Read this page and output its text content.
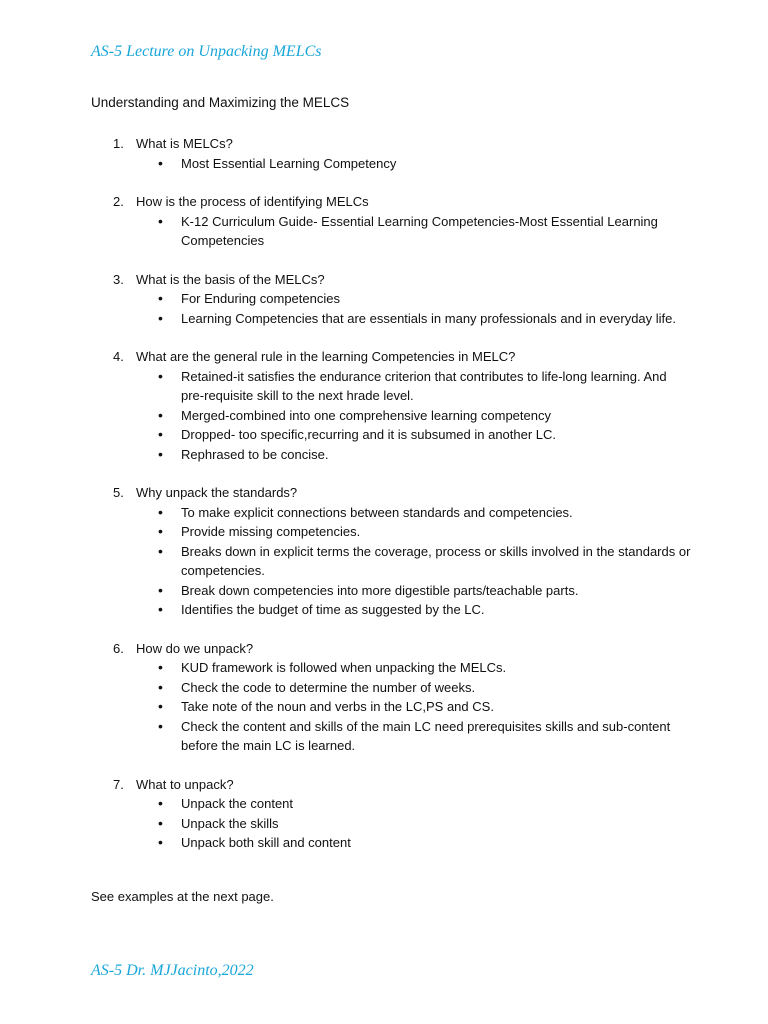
AS-5 Lecture on Unpacking MELCs
Understanding and Maximizing the MELCS
1. What is MELCs?
• Most Essential Learning Competency
2. How is the process of identifying MELCs
• K-12 Curriculum Guide- Essential Learning Competencies-Most Essential Learning Competencies
3. What is the basis of the MELCs?
• For Enduring competencies
• Learning Competencies that are essentials in many professionals and in everyday life.
4. What are the general rule in the learning Competencies in MELC?
• Retained-it satisfies the endurance criterion that contributes to life-long learning. And pre-requisite skill to the next hrade level.
• Merged-combined into one comprehensive learning competency
• Dropped- too specific,recurring and it is subsumed in another LC.
• Rephrased to be concise.
5. Why unpack the standards?
• To make explicit connections between standards and competencies.
• Provide missing competencies.
• Breaks down in explicit terms the coverage, process or skills involved in the standards or competencies.
• Break down competencies into more digestible parts/teachable parts.
• Identifies the budget of time as suggested by the LC.
6. How do we unpack?
• KUD framework is followed when unpacking the MELCs.
• Check the code to determine the number of weeks.
• Take note of the noun and verbs in the LC,PS and CS.
• Check the content and skills of the main LC need prerequisites skills and sub-content before the main LC is learned.
7. What to unpack?
• Unpack the content
• Unpack the skills
• Unpack both skill and content
See examples at the next page.
AS-5 Dr. MJJacinto,2022
